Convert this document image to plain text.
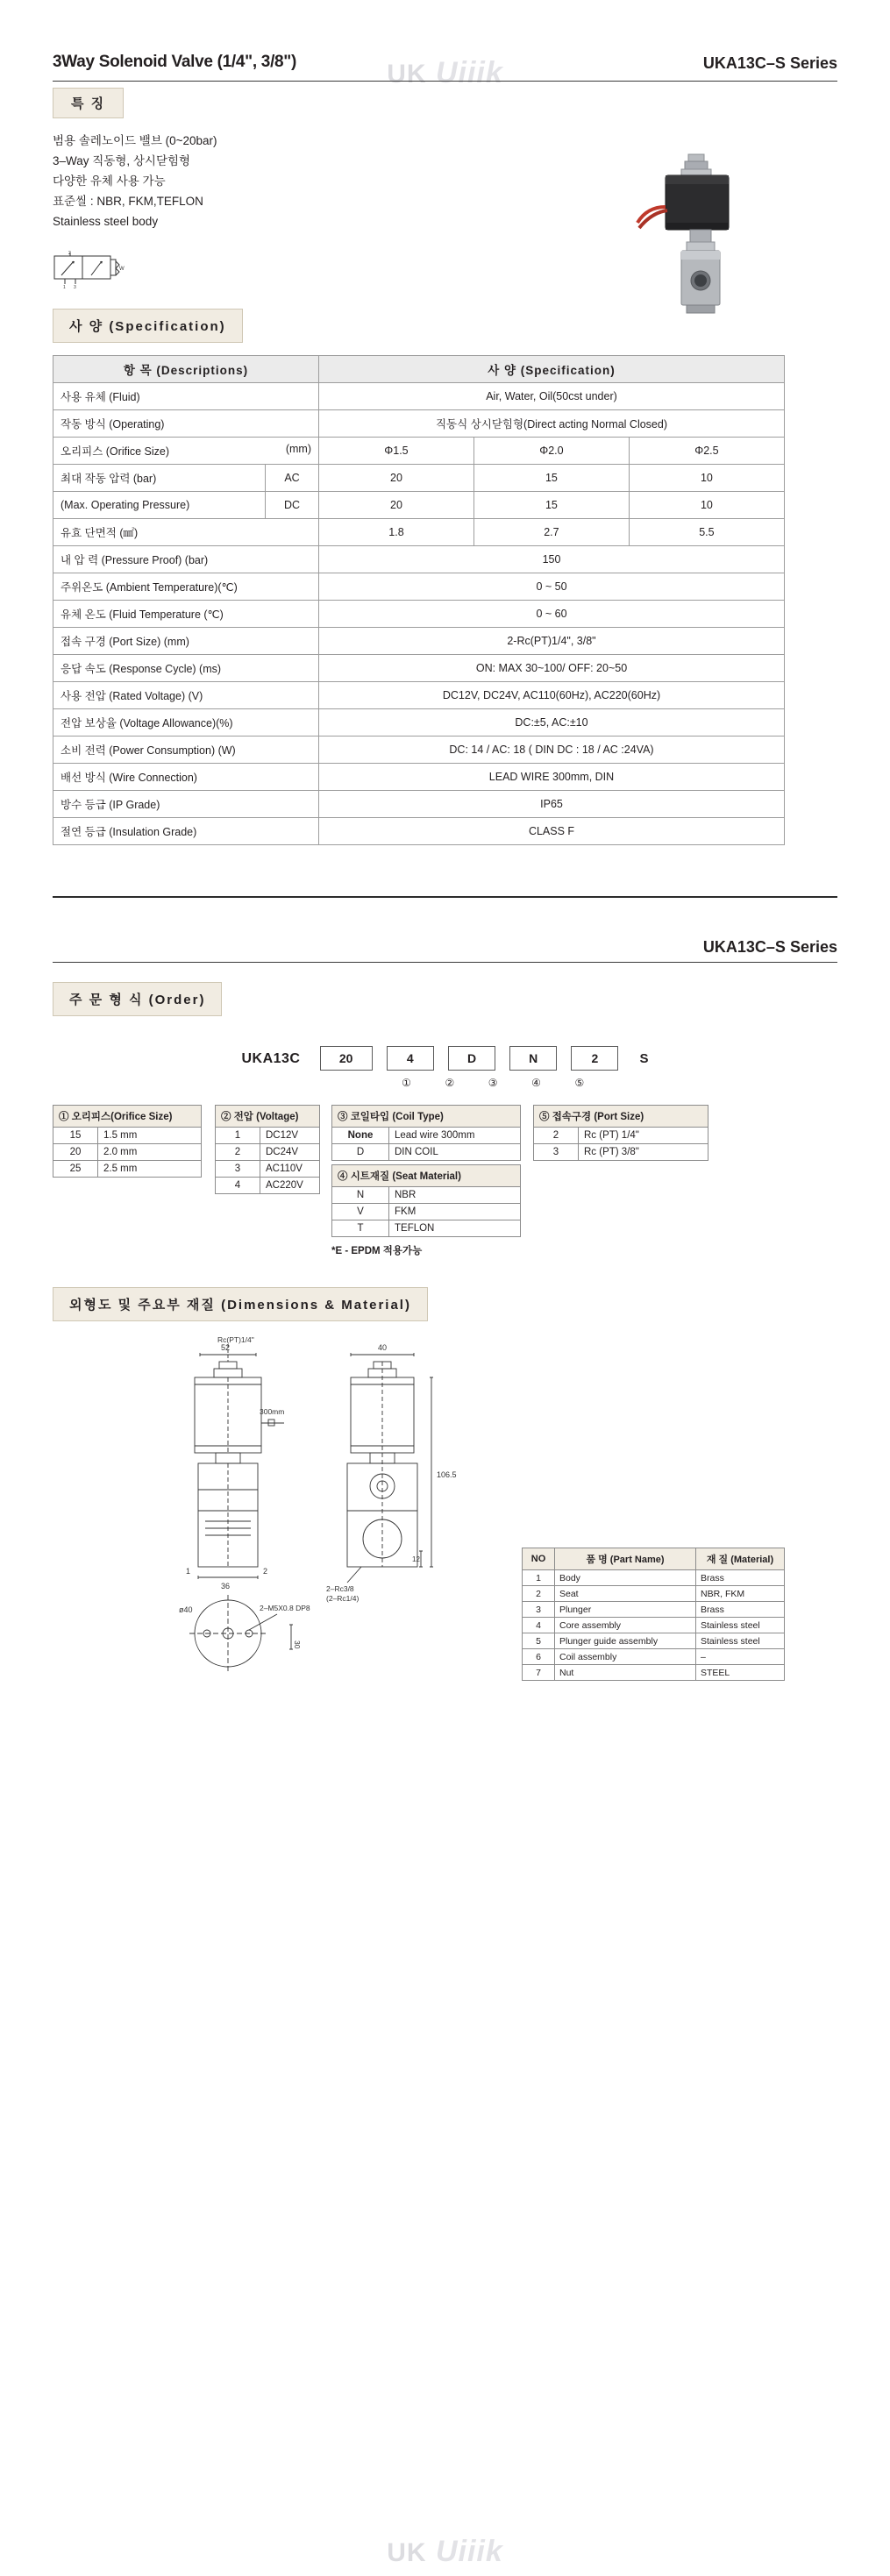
UK Uiiik
3Way Solenoid Valve (1/4", 3/8")	UKA13C–S Series
특 징
범용 솔레노이드 밸브 (0~20bar)
3–Way 직동형, 상시닫힘형
다양한 유체 사용 가능
표준씰 : NBR, FKM,TEFLON
Stainless steel body
2
1 3
W
사 양 (Specification)
항 목 (Descriptions)		사 양 (Specification)		
사용 유체 (Fluid)		Air, Water, Oil(50cst under)		
작동 방식 (Operating)		직동식 상시닫힘형(Direct acting Normal Closed)		
오리피스 (Orifice Size) (mm)		Φ1.5	Φ2.0	Φ2.5
최대 작동 압력 (bar)	AC	20	15	10
(Max. Operating Pressure)	DC	20	15	10
유효 단면적 (㎟)		1.8	2.7	5.5
내 압 력 (Pressure Proof) (bar)		150		
주위온도 (Ambient Temperature)(℃)		0 ~ 50		
유체 온도 (Fluid Temperature (℃)		0 ~ 60		
접속 구경 (Port Size) (mm)		2-Rc(PT)1/4", 3/8"		
응답 속도 (Response Cycle) (ms)		ON: MAX 30~100/ OFF: 20~50		
사용 전압 (Rated Voltage) (V)		DC12V, DC24V, AC110(60Hz), AC220(60Hz)		
전압 보상율 (Voltage Allowance)(%)		DC:±5, AC:±10		
소비 전력 (Power Consumption) (W)		DC: 14 / AC: 18 ( DIN DC : 18 / AC :24VA)		
배선 방식 (Wire Connection)		LEAD WIRE 300mm, DIN		
방수 등급 (IP Grade)		IP65		
절연 등급 (Insulation Grade)		CLASS F		
UKA13C–S Series
주 문 형 식 (Order)
UKA13C	20	4	D	N	2	S
①	②	③	④	⑤
① 오리피스(Orifice Size)	
15	1.5 mm
20	2.0 mm
25	2.5 mm
② 전압 (Voltage)	
1	DC12V
2	DC24V
3	AC110V
4	AC220V
③ 코일타입 (Coil Type)	
None	Lead wire 300mm
D	DIN COIL
④ 시트재질 (Seat Material)	
N	NBR
V	FKM
T	TEFLON
*E - EPDM 적용가능
⑤ 접속구경 (Port Size)	
2	Rc (PT) 1/4"
3	Rc (PT) 3/8"
외형도 및 주요부 재질 (Dimensions & Material)
52
Rc(PT)1/4"
300mm
36
1	2
ø40	2–M5X0.8 DP8
30
40
106.5
12
2–Rc3/8
(2–Rc1/4)
NO	품 명 (Part Name)	재 질 (Material)
1	Body	Brass
2	Seat	NBR, FKM
3	Plunger	Brass
4	Core assembly	Stainless steel
5	Plunger guide assembly	Stainless steel
6	Coil assembly	–
7	Nut	STEEL
UK Uiiik
